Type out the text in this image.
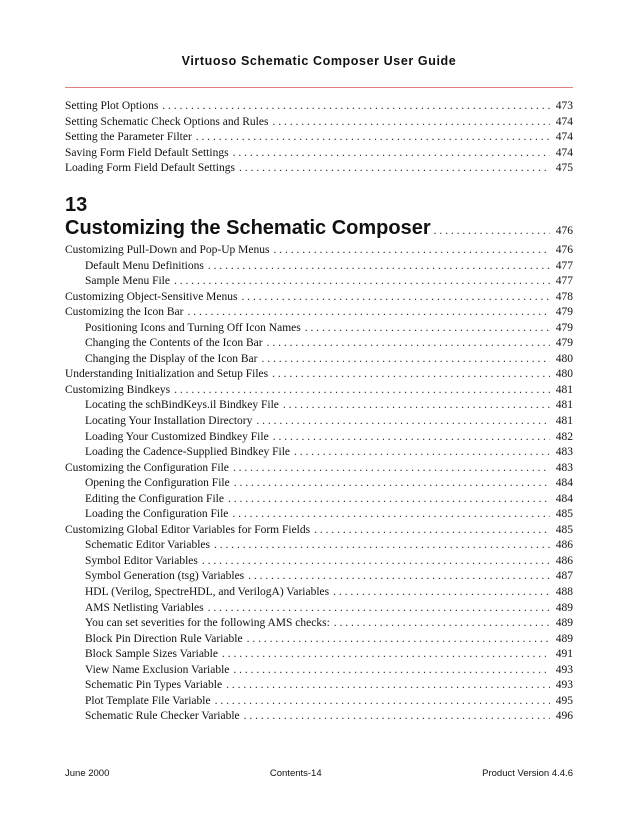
Virtuoso Schematic Composer User Guide
Setting Plot Options . . .	473
Setting Schematic Check Options and Rules . . .	474
Setting the Parameter Filter . . .	474
Saving Form Field Default Settings . . .	474
Loading Form Field Default Settings . . .	475
13
Customizing the Schematic Composer . . .	476
Customizing Pull-Down and Pop-Up Menus . . .	476
Default Menu Definitions . . .	477
Sample Menu File . . .	477
Customizing Object-Sensitive Menus . . .	478
Customizing the Icon Bar . . .	479
Positioning Icons and Turning Off Icon Names . . .	479
Changing the Contents of the Icon Bar . . .	479
Changing the Display of the Icon Bar . . .	480
Understanding Initialization and Setup Files . . .	480
Customizing Bindkeys . . .	481
Locating the schBindKeys.il Bindkey File . . .	481
Locating Your Installation Directory . . .	481
Loading Your Customized Bindkey File . . .	482
Loading the Cadence-Supplied Bindkey File . . .	483
Customizing the Configuration File . . .	483
Opening the Configuration File . . .	484
Editing the Configuration File . . .	484
Loading the Configuration File . . .	485
Customizing Global Editor Variables for Form Fields . . .	485
Schematic Editor Variables . . .	486
Symbol Editor Variables . . .	486
Symbol Generation (tsg) Variables . . .	487
HDL (Verilog, SpectreHDL, and VerilogA) Variables . . .	488
AMS Netlisting Variables . . .	489
You can set severities for the following AMS checks: . . .	489
Block Pin Direction Rule Variable . . .	489
Block Sample Sizes Variable . . .	491
View Name Exclusion Variable . . .	493
Schematic Pin Types Variable . . .	493
Plot Template File Variable . . .	495
Schematic Rule Checker Variable . . .	496
June 2000	Contents-14	Product Version 4.4.6
